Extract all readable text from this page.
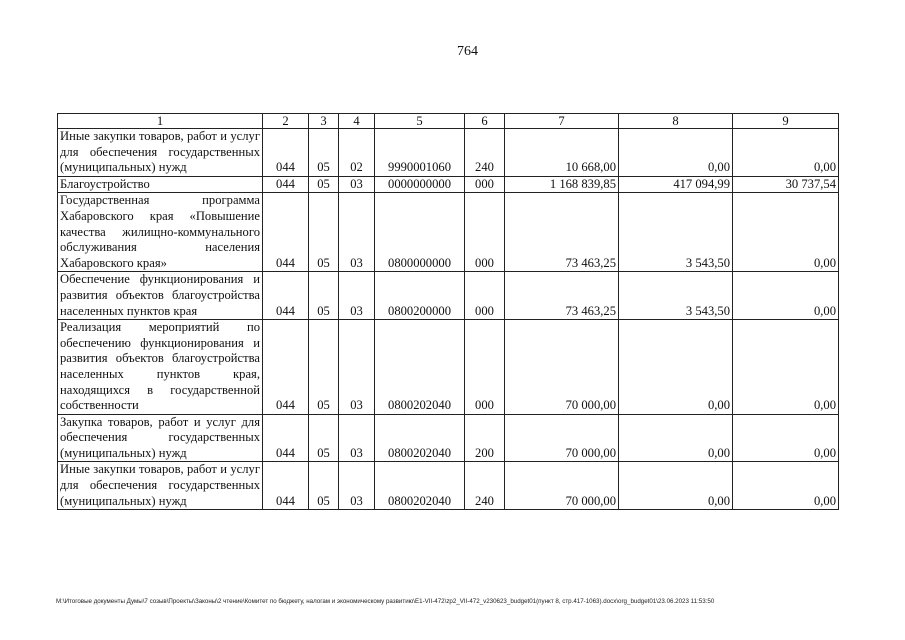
764
1	2	3	4	5	6	7	8	9
Иные закупки товаров, работ и услуг для обеспечения государственных (муниципальных) нужд	044	05	02	9990001060	240	10 668,00	0,00	0,00
Благоустройство	044	05	03	0000000000	000	1 168 839,85	417 094,99	30 737,54
Государственная программа Хабаровского края «Повышение качества жилищно-коммунального обслуживания населения Хабаровского края»	044	05	03	0800000000	000	73 463,25	3 543,50	0,00
Обеспечение функционирования и развития объектов благоустройства населенных пунктов края	044	05	03	0800200000	000	73 463,25	3 543,50	0,00
Реализация мероприятий по обеспечению функционирования и развития объектов благоустройства населенных пунктов края, находящихся в государственной собственности	044	05	03	0800202040	000	70 000,00	0,00	0,00
Закупка товаров, работ и услуг для обеспечения государственных (муниципальных) нужд	044	05	03	0800202040	200	70 000,00	0,00	0,00
Иные закупки товаров, работ и услуг для обеспечения государственных (муниципальных) нужд	044	05	03	0800202040	240	70 000,00	0,00	0,00
M:\Итоговые документы Думы\7 созыв\Проекты\Законы\2 чтение\Комитет по бюджету, налогам и экономическому развитию\Е1-VII-472\zp2_VII-472_v230623_budget01(пункт 8, стр.417-1063).docx\org_budget01\23.06.2023 11:53:50
